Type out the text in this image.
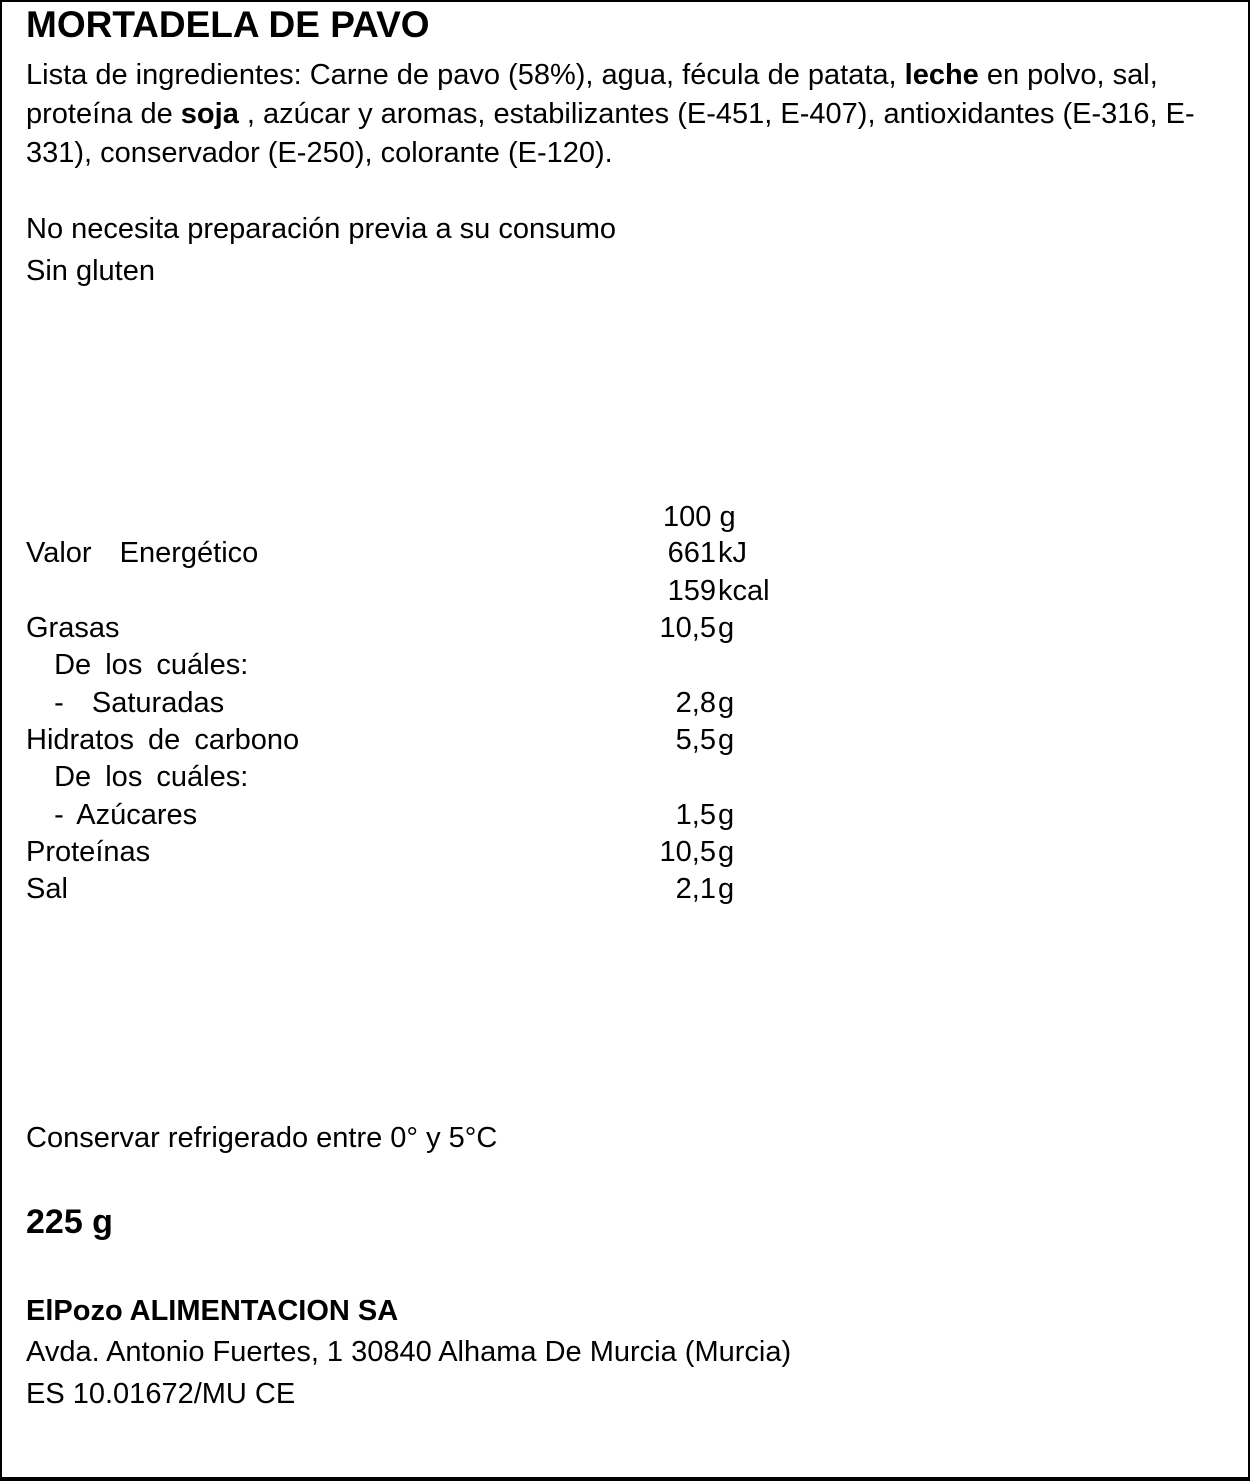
MORTADELA DE PAVO
Lista de ingredientes: Carne de pavo (58%), agua, fécula de patata, leche en polvo, sal, proteína de soja , azúcar y aromas, estabilizantes (E-451, E-407), antioxidantes (E-316, E-331), conservador (E-250), colorante (E-120).
No necesita preparación previa a su consumo
Sin gluten
100 g
Valor  Energético	661 kJ
159 kcal
Grasas	10,5 g
De los cuáles:
-  Saturadas	2,8 g
Hidratos de carbono	5,5 g
De los cuáles:
- Azúcares	1,5 g
Proteínas	10,5 g
Sal	2,1 g
Conservar refrigerado entre 0° y 5°C
225 g
ElPozo ALIMENTACION SA
Avda. Antonio Fuertes, 1 30840 Alhama De Murcia (Murcia)
ES 10.01672/MU CE
